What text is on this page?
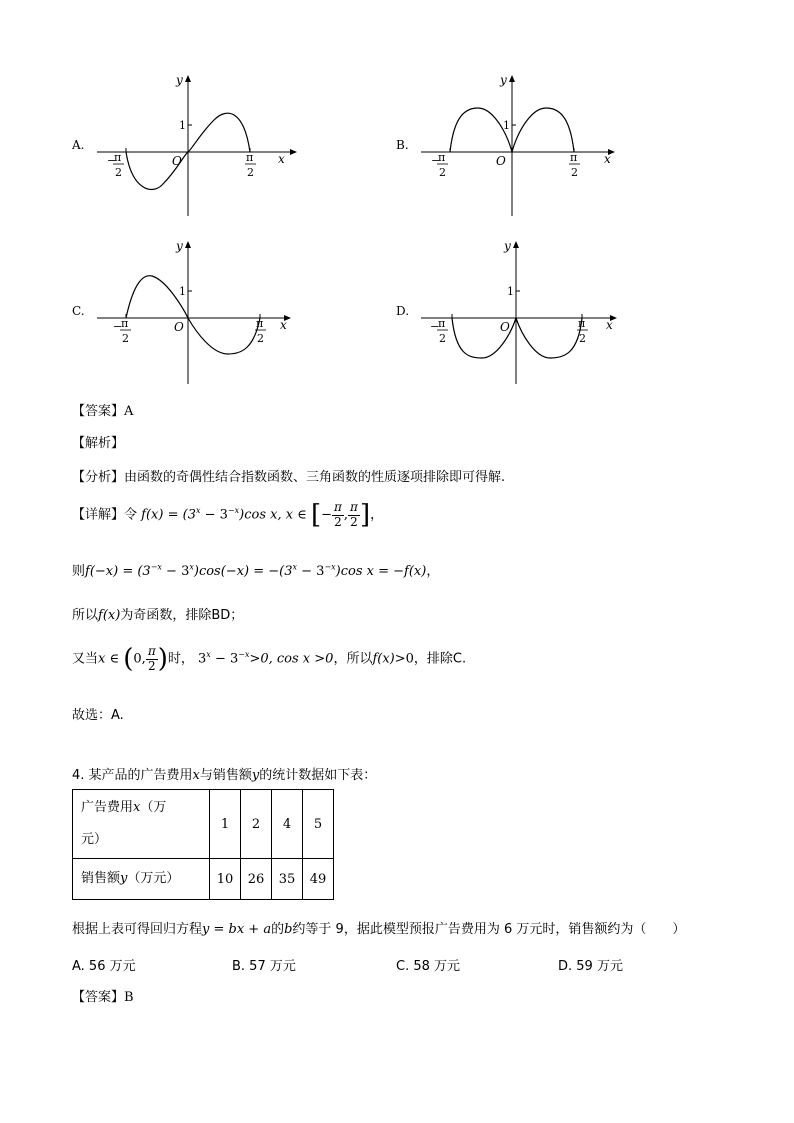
A.
y
x
O
1
−
π
2
π
2
B.
y
x
O
1
−
π
2
π
2
C.
y
x
O
1
−
π
2
π
2
D.
y
x
O
1
−
π
2
π
2
【答案】A
【解析】
【分析】由函数的奇偶性结合指数函数、三角函数的性质逐项排除即可得解.
【详解】令 $f(x) = (3^x - 3^{-x})\cos$ x, x ∈ [− $\frac{\pi}{2}$ , $\frac{\pi}{2}$ ]，
则$f(-x) = (3^{-x} - 3^x)\cos(-x) = -(3^x - 3^{-x})\cos$ x = −f(x)，
所以f(x)为奇函数，排除BD；
又当x ∈ (0, $\frac{\pi}{2}$ )时， $3^x - 3^{-x}>0$, cos x >0，所以f(x)>0，排除C.
故选：A.
4. 某产品的广告费用x与销售额y的统计数据如下表：
广告费用x（万
元）	1	2	4	5
销售额y（万元）	10	26	35	49
根据上表可得回归方程y = bx + a的b约等于 9，据此模型预报广告费用为 6 万元时，销售额约为（　　）
A. 56 万元	B. 57 万元	C. 58 万元	D. 59 万元
【答案】B
